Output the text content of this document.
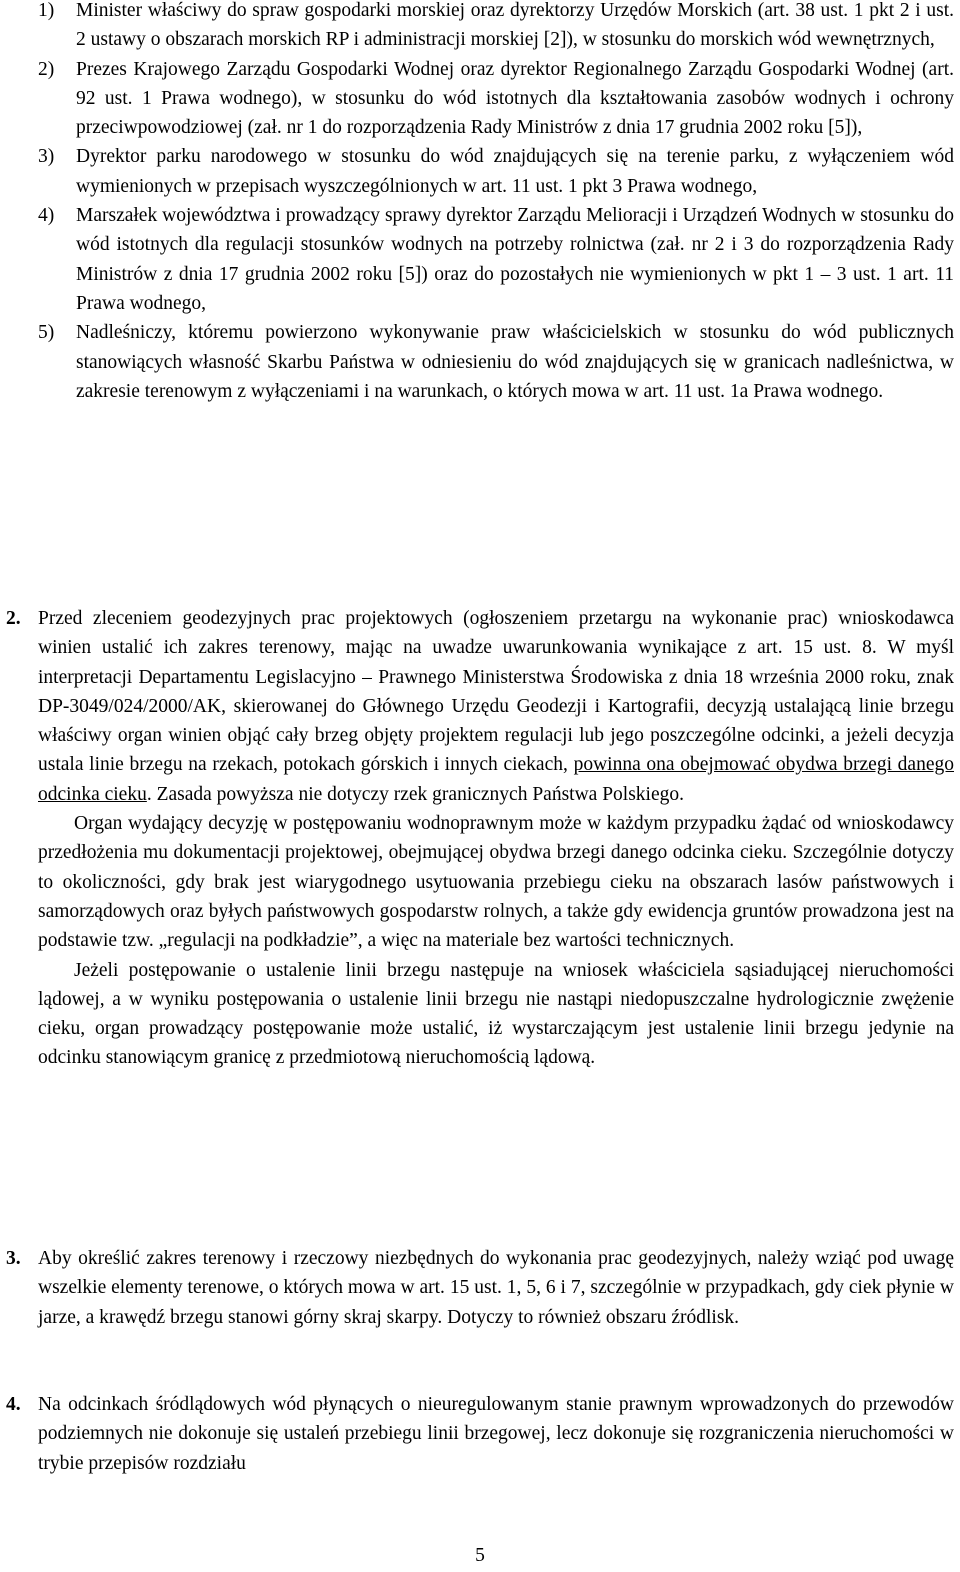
1) Minister właściwy do spraw gospodarki morskiej oraz dyrektorzy Urzędów Morskich (art. 38 ust. 1 pkt 2 i ust. 2 ustawy o obszarach morskich RP i administracji morskiej [2]), w stosunku do morskich wód wewnętrznych,
2) Prezes Krajowego Zarządu Gospodarki Wodnej oraz dyrektor Regionalnego Zarządu Gospodarki Wodnej (art. 92 ust. 1 Prawa wodnego), w stosunku do wód istotnych dla kształtowania zasobów wodnych i ochrony przeciwpowodziowej (zał. nr 1 do rozporządzenia Rady Ministrów z dnia 17 grudnia 2002 roku [5]),
3) Dyrektor parku narodowego w stosunku do wód znajdujących się na terenie parku, z wyłączeniem wód wymienionych w przepisach wyszczególnionych w art. 11 ust. 1 pkt 3 Prawa wodnego,
4) Marszałek województwa i prowadzący sprawy dyrektor Zarządu Melioracji i Urządzeń Wodnych w stosunku do wód istotnych dla regulacji stosunków wodnych na potrzeby rolnictwa (zał. nr 2 i 3 do rozporządzenia Rady Ministrów z dnia 17 grudnia 2002 roku [5]) oraz do pozostałych nie wymienionych w pkt 1 – 3 ust. 1 art. 11 Prawa wodnego,
5) Nadleśniczy, któremu powierzono wykonywanie praw właścicielskich w stosunku do wód publicznych stanowiących własność Skarbu Państwa w odniesieniu do wód znajdujących się w granicach nadleśnictwa, w zakresie terenowym z wyłączeniami i na warunkach, o których mowa w art. 11 ust. 1a Prawa wodnego.
2. Przed zleceniem geodezyjnych prac projektowych (ogłoszeniem przetargu na wykonanie prac) wnioskodawca winien ustalić ich zakres terenowy, mając na uwadze uwarunkowania wynikające z art. 15 ust. 8. W myśl interpretacji Departamentu Legislacyjno – Prawnego Ministerstwa Środowiska z dnia 18 września 2000 roku, znak DP-3049/024/2000/AK, skierowanej do Głównego Urzędu Geodezji i Kartografii, decyzją ustalającą linie brzegu właściwy organ winien objąć cały brzeg objęty projektem regulacji lub jego poszczególne odcinki, a jeżeli decyzja ustala linie brzegu na rzekach, potokach górskich i innych ciekach, powinna ona obejmować obydwa brzegi danego odcinka cieku. Zasada powyższa nie dotyczy rzek granicznych Państwa Polskiego.

Organ wydający decyzję w postępowaniu wodnoprawnym może w każdym przypadku żądać od wnioskodawcy przedłożenia mu dokumentacji projektowej, obejmującej obydwa brzegi danego odcinka cieku. Szczególnie dotyczy to okoliczności, gdy brak jest wiarygodnego usytuowania przebiegu cieku na obszarach lasów państwowych i samorządowych oraz byłych państwowych gospodarstw rolnych, a także gdy ewidencja gruntów prowadzona jest na podstawie tzw. „regulacji na podkładzie”, a więc na materiale bez wartości technicznych.

Jeżeli postępowanie o ustalenie linii brzegu następuje na wniosek właściciela sąsiadującej nieruchomości lądowej, a w wyniku postępowania o ustalenie linii brzegu nie nastąpi niedopuszczalne hydrologicznie zwężenie cieku, organ prowadzący postępowanie może ustalić, iż wystarczającym jest ustalenie linii brzegu jedynie na odcinku stanowiącym granicę z przedmiotową nieruchomością lądową.

3. Aby określić zakres terenowy i rzeczowy niezbędnych do wykonania prac geodezyjnych, należy wziąć pod uwagę wszelkie elementy terenowe, o których mowa w art. 15 ust. 1, 5, 6 i 7, szczególnie w przypadkach, gdy ciek płynie w jarze, a krawędź brzegu stanowi górny skraj skarpy. Dotyczy to również obszaru źródlisk.

4. Na odcinkach śródlądowych wód płynących o nieuregulowanym stanie prawnym wprowadzonych do przewodów podziemnych nie dokonuje się ustaleń przebiegu linii brzegowej, lecz dokonuje się rozgraniczenia nieruchomości w trybie przepisów rozdziału

5
